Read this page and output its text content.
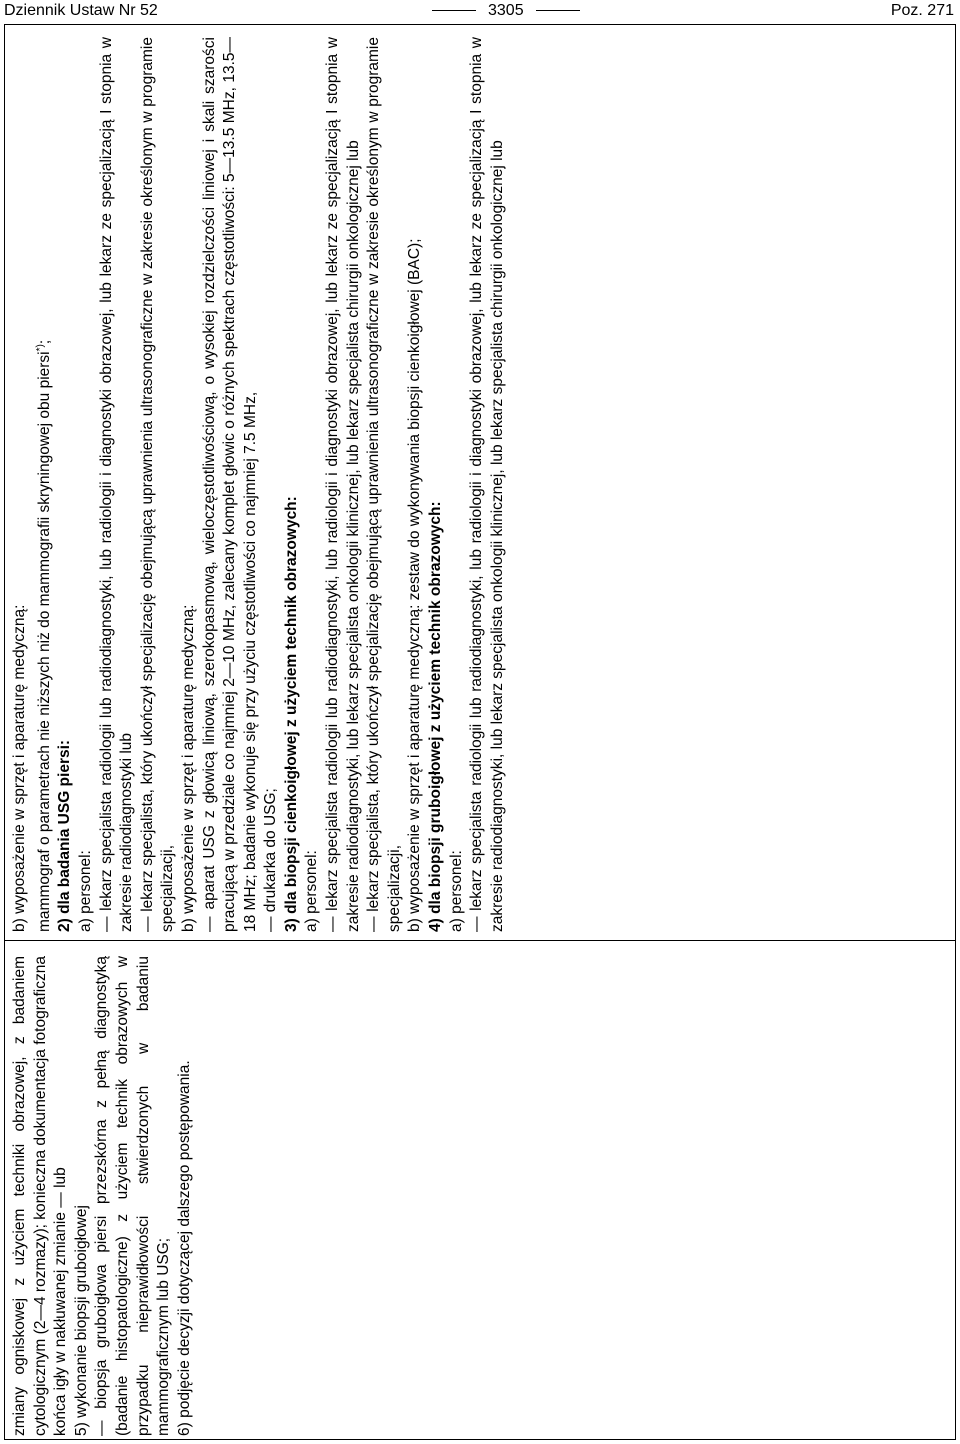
Dziennik Ustaw Nr 52	3305	Poz. 271

b) wyposażenie w sprzęt i aparaturę medyczną: mammograf o parametrach nie niższych niż do mammografii skryningowej obu piersi*);

2) dla badania USG piersi: a) personel: — lekarz specjalista radiologii lub radiodiagnostyki, lub radiologii i diagnostyki obrazowej, lub lekarz ze specjalizacją I stopnia w zakresie radiodiagnostyki lub — lekarz specjalista, który ukończył specjalizację obejmującą uprawnienia ultrasonograficzne w zakresie określonym w programie specjalizacji, b) wyposażenie w sprzęt i aparaturę medyczną: — aparat USG z głowicą liniową, szerokopasmową, wieloczęstotliwościową, o wysokiej rozdzielczości liniowej i skali szarości pracującą w przedziale co najmniej 2—10 MHz, zalecany komplet głowic o różnych spektrach częstotliwości: 5—13.5 MHz, 13.5—18 MHz; badanie wykonuje się przy użyciu częstotliwości co najmniej 7.5 MHz, — drukarka do USG; 3) dla biopsji cienkoigłowej z użyciem technik obrazowych: a) personel: — lekarz specjalista radiologii lub radiodiagnostyki, lub radiologii i diagnostyki obrazowej, lub lekarz ze specjalizacją I stopnia w zakresie radiodiagnostyki, lub lekarz specjalista onkologii klinicznej, lub lekarz specjalista chirurgii onkologicznej lub — lekarz specjalista, który ukończył specjalizację obejmującą uprawnienia ultrasonograficzne w zakresie określonym w programie specjalizacji, b) wyposażenie w sprzęt i aparaturę medyczną: zestaw do wykonywania biopsji cienkoigłowej (BAC); 4) dla biopsji gruboigłowej z użyciem technik obrazowych: a) personel: — lekarz specjalista radiologii lub radiodiagnostyki, lub radiologii i diagnostyki obrazowej, lub lekarz ze specjalizacją I stopnia w zakresie radiodiagnostyki, lub lekarz specjalista onkologii klinicznej, lub lekarz specjalista chirurgii onkologicznej lub

zmiany ogniskowej z użyciem techniki obrazowej, z badaniem cytologicznym (2—4 rozmazy); konieczna dokumentacja fotograficzna końca igły w nakłuwanej zmianie — lub 5) wykonanie biopsji gruboigłowej — biopsja gruboigłowa piersi przezskórna z pełną diagnostyką (badanie histopatologiczne) z użyciem technik obrazowych w przypadku nieprawidłowości stwierdzonych w badaniu mammograficznym lub USG; 6) podjęcie decyzji dotyczącej dalszego postępowania.
